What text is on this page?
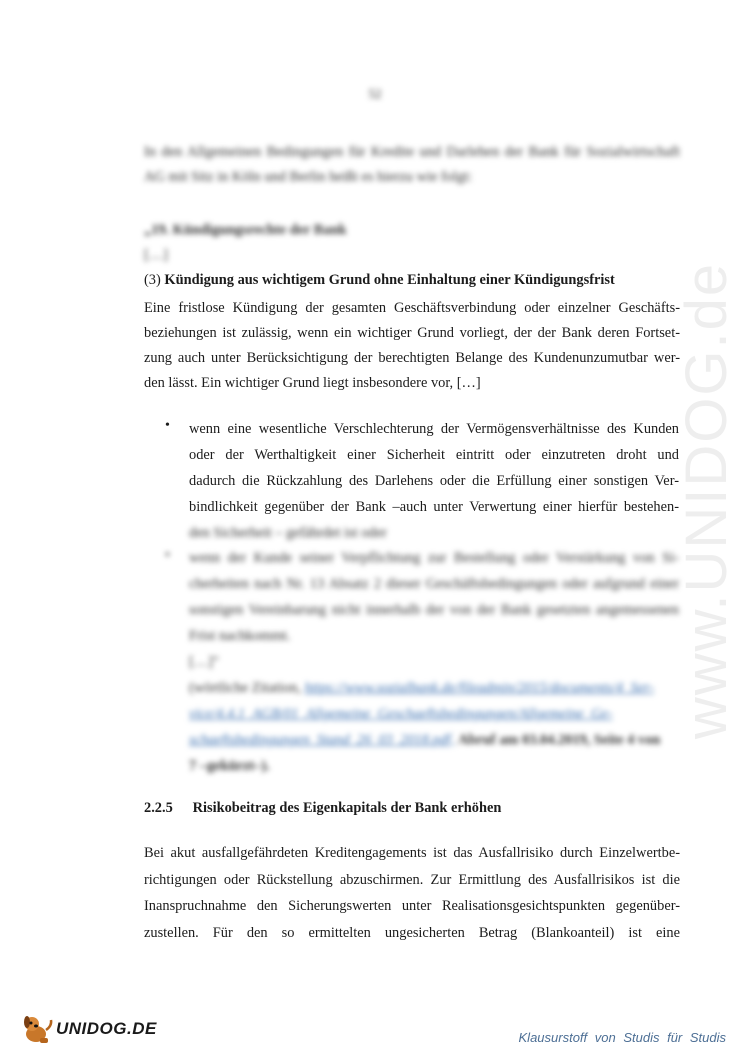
52
In den Allgemeinen Bedingungen für Kredite und Darlehen der Bank für Sozialwirtschaft
AG mit Sitz in Köln und Berlin heißt es hierzu wie folgt:
„19. Kündigungsrechte der Bank
[…]
(3) Kündigung aus wichtigem Grund ohne Einhaltung einer Kündigungsfrist
Eine fristlose Kündigung der gesamten Geschäftsverbindung oder einzelner Geschäfts-
beziehungen ist zulässig, wenn ein wichtiger Grund vorliegt, der der Bank deren Fortset-
zung auch unter Berücksichtigung der berechtigten Belange des Kundenunzumutbar wer-
den lässt. Ein wichtiger Grund liegt insbesondere vor, […]
• wenn eine wesentliche Verschlechterung der Vermögensverhältnisse des Kunden
oder der Werthaltigkeit einer Sicherheit eintritt oder einzutreten droht und
dadurch die Rückzahlung des Darlehens oder die Erfüllung einer sonstigen Ver-
bindlichkeit gegenüber der Bank –auch unter Verwertung einer hierfür bestehen-
den Sicherheit – gefährdet ist oder
• wenn der Kunde seiner Verpflichtung zur Bestellung oder Verstärkung von Si-
cherheiten nach Nr. 13 Absatz 2 dieser Geschäftsbedingungen oder aufgrund einer
sonstigen Vereinbarung nicht innerhalb der von der Bank gesetzten angemessenen
Frist nachkommt.
[…]"
(wörtliche Zitation, https://www.sozialbank.de/fileadmin/2015/documents/4_Ser-
vice/4.4.1_AGB/01_Allgemeine_Geschaeftsbedingungen/Allgemeine_Ge-
schaeftsbedingungen_Stand_26_03_2018.pdf, Abruf am 03.04.2019, Seite 4 von
7 –gekürzt–).
2.2.5 Risikobeitrag des Eigenkapitals der Bank erhöhen
Bei akut ausfallgefährdeten Kreditengagements ist das Ausfallrisiko durch Einzelwertbe-
richtigungen oder Rückstellung abzuschirmen. Zur Ermittlung des Ausfallrisikos ist die
Inanspruchnahme den Sicherungswerten unter Realisationsgesichtspunkten gegenüber-
zustellen. Für den so ermittelten ungesicherten Betrag (Blankoanteil) ist eine
www.UNIDOG.de
UNIDOG.DE	Klausurstoff von Studis für Studis
